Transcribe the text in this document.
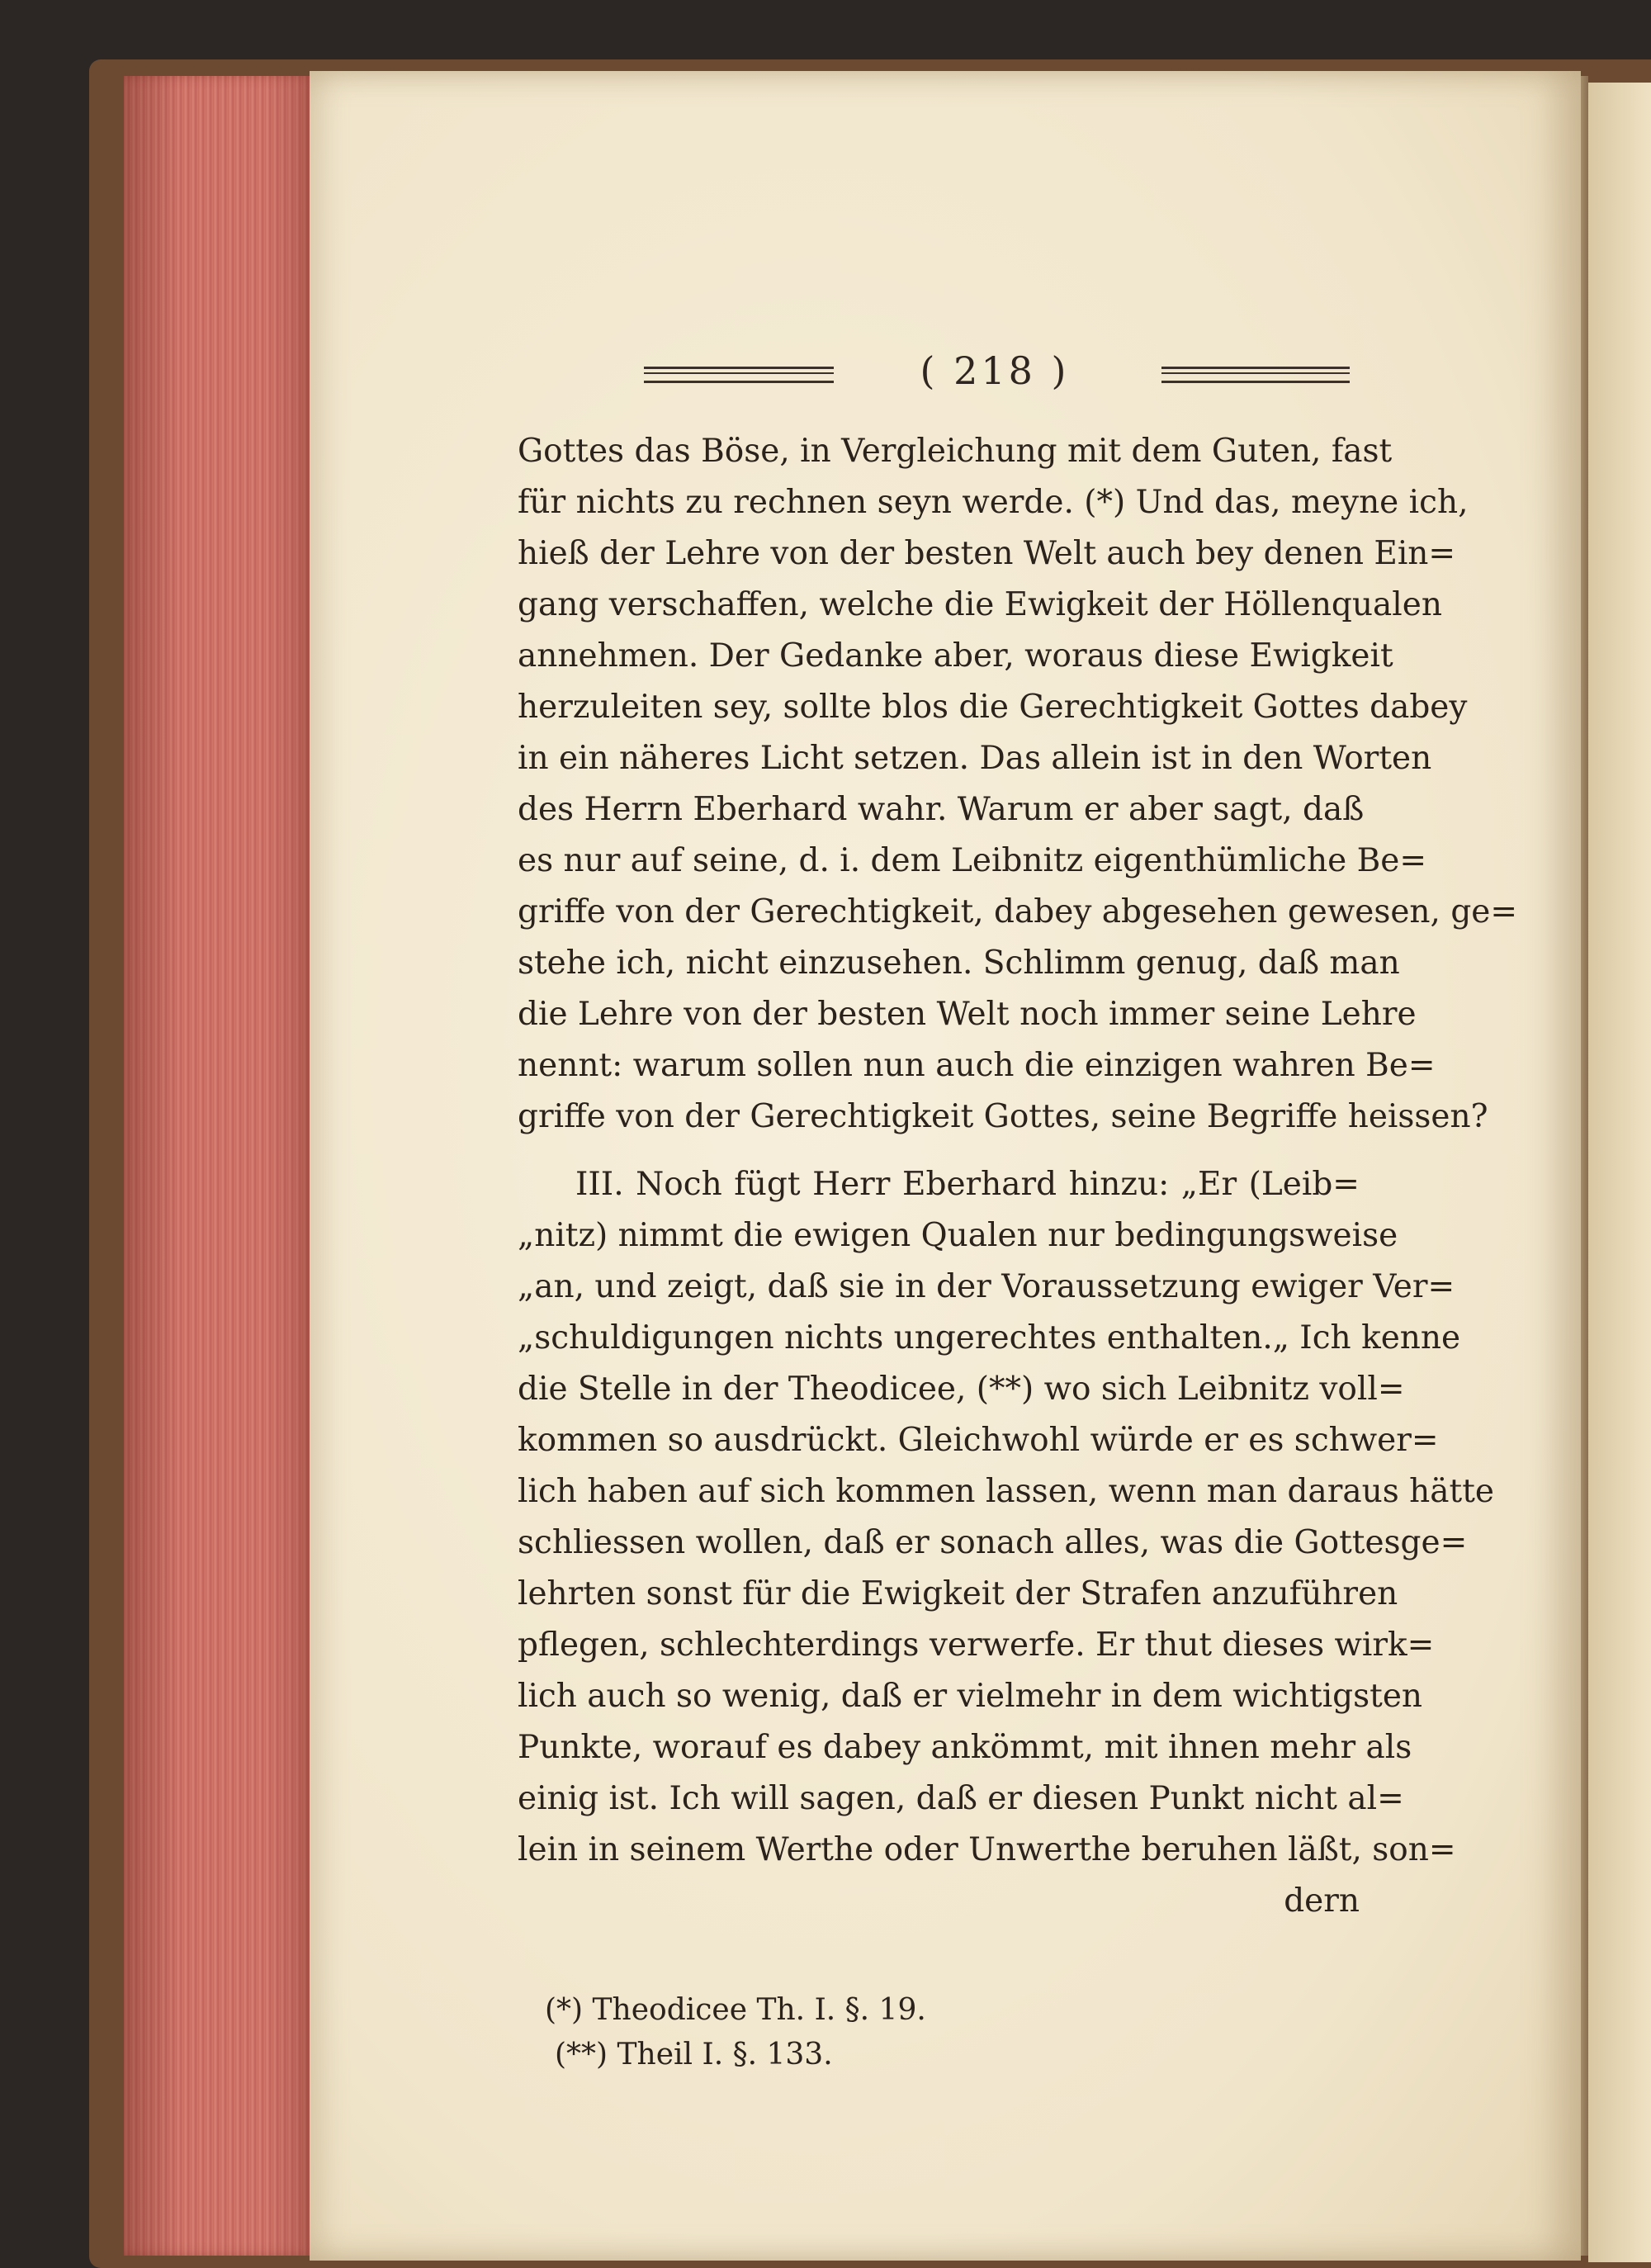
( 218 )
Gottes das Böse, in Vergleichung mit dem Guten, fast
für nichts zu rechnen seyn werde. (*) Und das, meyne ich,
hieß der Lehre von der besten Welt auch bey denen Ein=
gang verschaffen, welche die Ewigkeit der Höllenqualen
annehmen. Der Gedanke aber, woraus diese Ewigkeit
herzuleiten sey, sollte blos die Gerechtigkeit Gottes dabey
in ein näheres Licht setzen. Das allein ist in den Worten
des Herrn Eberhard wahr. Warum er aber sagt, daß
es nur auf seine, d. i. dem Leibnitz eigenthümliche Be=
griffe von der Gerechtigkeit, dabey abgesehen gewesen, ge=
stehe ich, nicht einzusehen. Schlimm genug, daß man
die Lehre von der besten Welt noch immer seine Lehre
nennt: warum sollen nun auch die einzigen wahren Be=
griffe von der Gerechtigkeit Gottes, seine Begriffe heissen?
III. Noch fügt Herr Eberhard hinzu: „Er (Leib=
„nitz) nimmt die ewigen Qualen nur bedingungsweise
„an, und zeigt, daß sie in der Voraussetzung ewiger Ver=
„schuldigungen nichts ungerechtes enthalten.„ Ich kenne
die Stelle in der Theodicee, (**) wo sich Leibnitz voll=
kommen so ausdrückt. Gleichwohl würde er es schwer=
lich haben auf sich kommen lassen, wenn man daraus hätte
schliessen wollen, daß er sonach alles, was die Gottesge=
lehrten sonst für die Ewigkeit der Strafen anzuführen
pflegen, schlechterdings verwerfe. Er thut dieses wirk=
lich auch so wenig, daß er vielmehr in dem wichtigsten
Punkte, worauf es dabey ankömmt, mit ihnen mehr als
einig ist. Ich will sagen, daß er diesen Punkt nicht al=
lein in seinem Werthe oder Unwerthe beruhen läßt, son=
dern
(*) Theodicee Th. I. §. 19.
(**) Theil I. §. 133.
